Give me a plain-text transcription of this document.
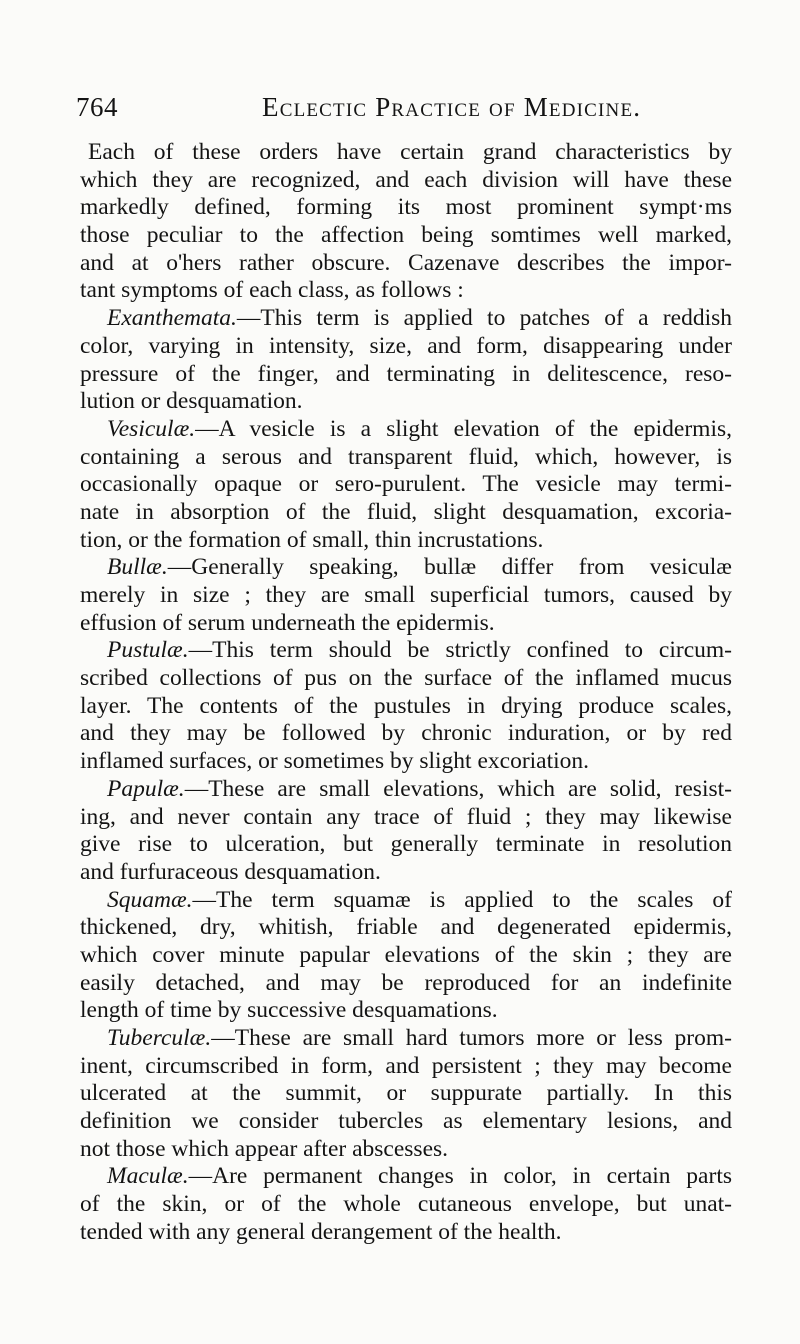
764	Eclectic Practice of Medicine.
Each of these orders have certain grand characteristics by
which they are recognized, and each division will have these
markedly defined, forming its most prominent sympt·ms
those peculiar to the affection being somtimes well marked,
and at o'hers rather obscure. Cazenave describes the impor-
tant symptoms of each class, as follows :
Exanthemata.—This term is applied to patches of a reddish
color, varying in intensity, size, and form, disappearing under
pressure of the finger, and terminating in delitescence, reso-
lution or desquamation.
Vesiculæ.—A vesicle is a slight elevation of the epidermis,
containing a serous and transparent fluid, which, however, is
occasionally opaque or sero-purulent. The vesicle may termi-
nate in absorption of the fluid, slight desquamation, excoria-
tion, or the formation of small, thin incrustations.
Bullæ.—Generally speaking, bullæ differ from vesiculæ
merely in size ; they are small superficial tumors, caused by
effusion of serum underneath the epidermis.
Pustulæ.—This term should be strictly confined to circum-
scribed collections of pus on the surface of the inflamed mucus
layer. The contents of the pustules in drying produce scales,
and they may be followed by chronic induration, or by red
inflamed surfaces, or sometimes by slight excoriation.
Papulæ.—These are small elevations, which are solid, resist-
ing, and never contain any trace of fluid ; they may likewise
give rise to ulceration, but generally terminate in resolution
and furfuraceous desquamation.
Squamæ.—The term squamæ is applied to the scales of
thickened, dry, whitish, friable and degenerated epidermis,
which cover minute papular elevations of the skin ; they are
easily detached, and may be reproduced for an indefinite
length of time by successive desquamations.
Tuberculæ.—These are small hard tumors more or less prom-
inent, circumscribed in form, and persistent ; they may become
ulcerated at the summit, or suppurate partially. In this
definition we consider tubercles as elementary lesions, and
not those which appear after abscesses.
Maculæ.—Are permanent changes in color, in certain parts
of the skin, or of the whole cutaneous envelope, but unat-
tended with any general derangement of the health.
